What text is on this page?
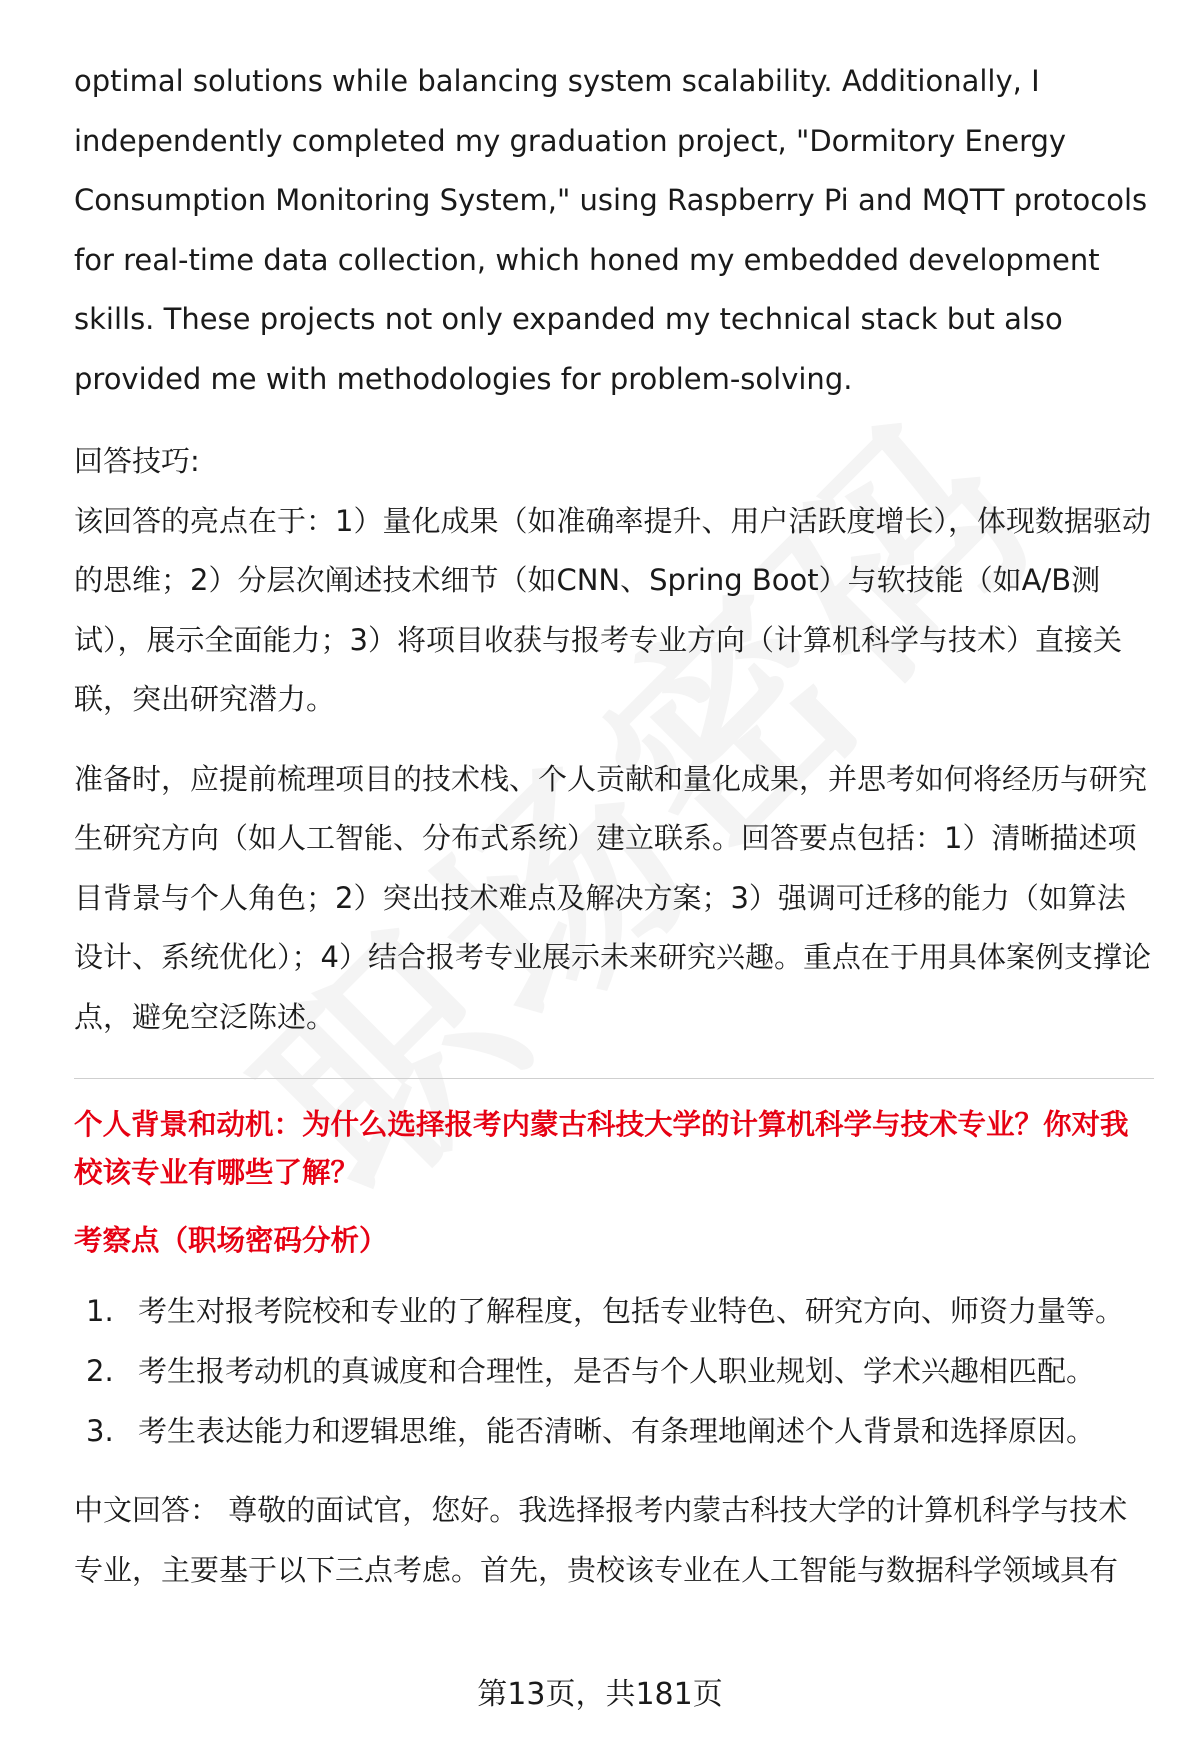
optimal solutions while balancing system scalability. Additionally, I independently completed my graduation project, "Dormitory Energy Consumption Monitoring System," using Raspberry Pi and MQTT protocols for real-time data collection, which honed my embedded development skills. These projects not only expanded my technical stack but also provided me with methodologies for problem-solving.

回答技巧:

该回答的亮点在于：1）量化成果（如准确率提升、用户活跃度增长），体现数据驱动的思维；2）分层次阐述技术细节（如CNN、Spring Boot）与软技能（如A/B测试），展示全面能力；3）将项目收获与报考专业方向（计算机科学与技术）直接关联，突出研究潜力。

准备时，应提前梳理项目的技术栈、个人贡献和量化成果，并思考如何将经历与研究生研究方向（如人工智能、分布式系统）建立联系。回答要点包括：1）清晰描述项目背景与个人角色；2）突出技术难点及解决方案；3）强调可迁移的能力（如算法设计、系统优化）；4）结合报考专业展示未来研究兴趣。重点在于用具体案例支撑论点，避免空泛陈述。

个人背景和动机：为什么选择报考内蒙古科技大学的计算机科学与技术专业？你对我校该专业有哪些了解？

考察点（职场密码分析）

1. 考生对报考院校和专业的了解程度，包括专业特色、研究方向、师资力量等。
2. 考生报考动机的真诚度和合理性，是否与个人职业规划、学术兴趣相匹配。
3. 考生表达能力和逻辑思维，能否清晰、有条理地阐述个人背景和选择原因。

中文回答： 尊敬的面试官，您好。我选择报考内蒙古科技大学的计算机科学与技术专业，主要基于以下三点考虑。首先，贵校该专业在人工智能与数据科学领域具有

第13页，共181页
